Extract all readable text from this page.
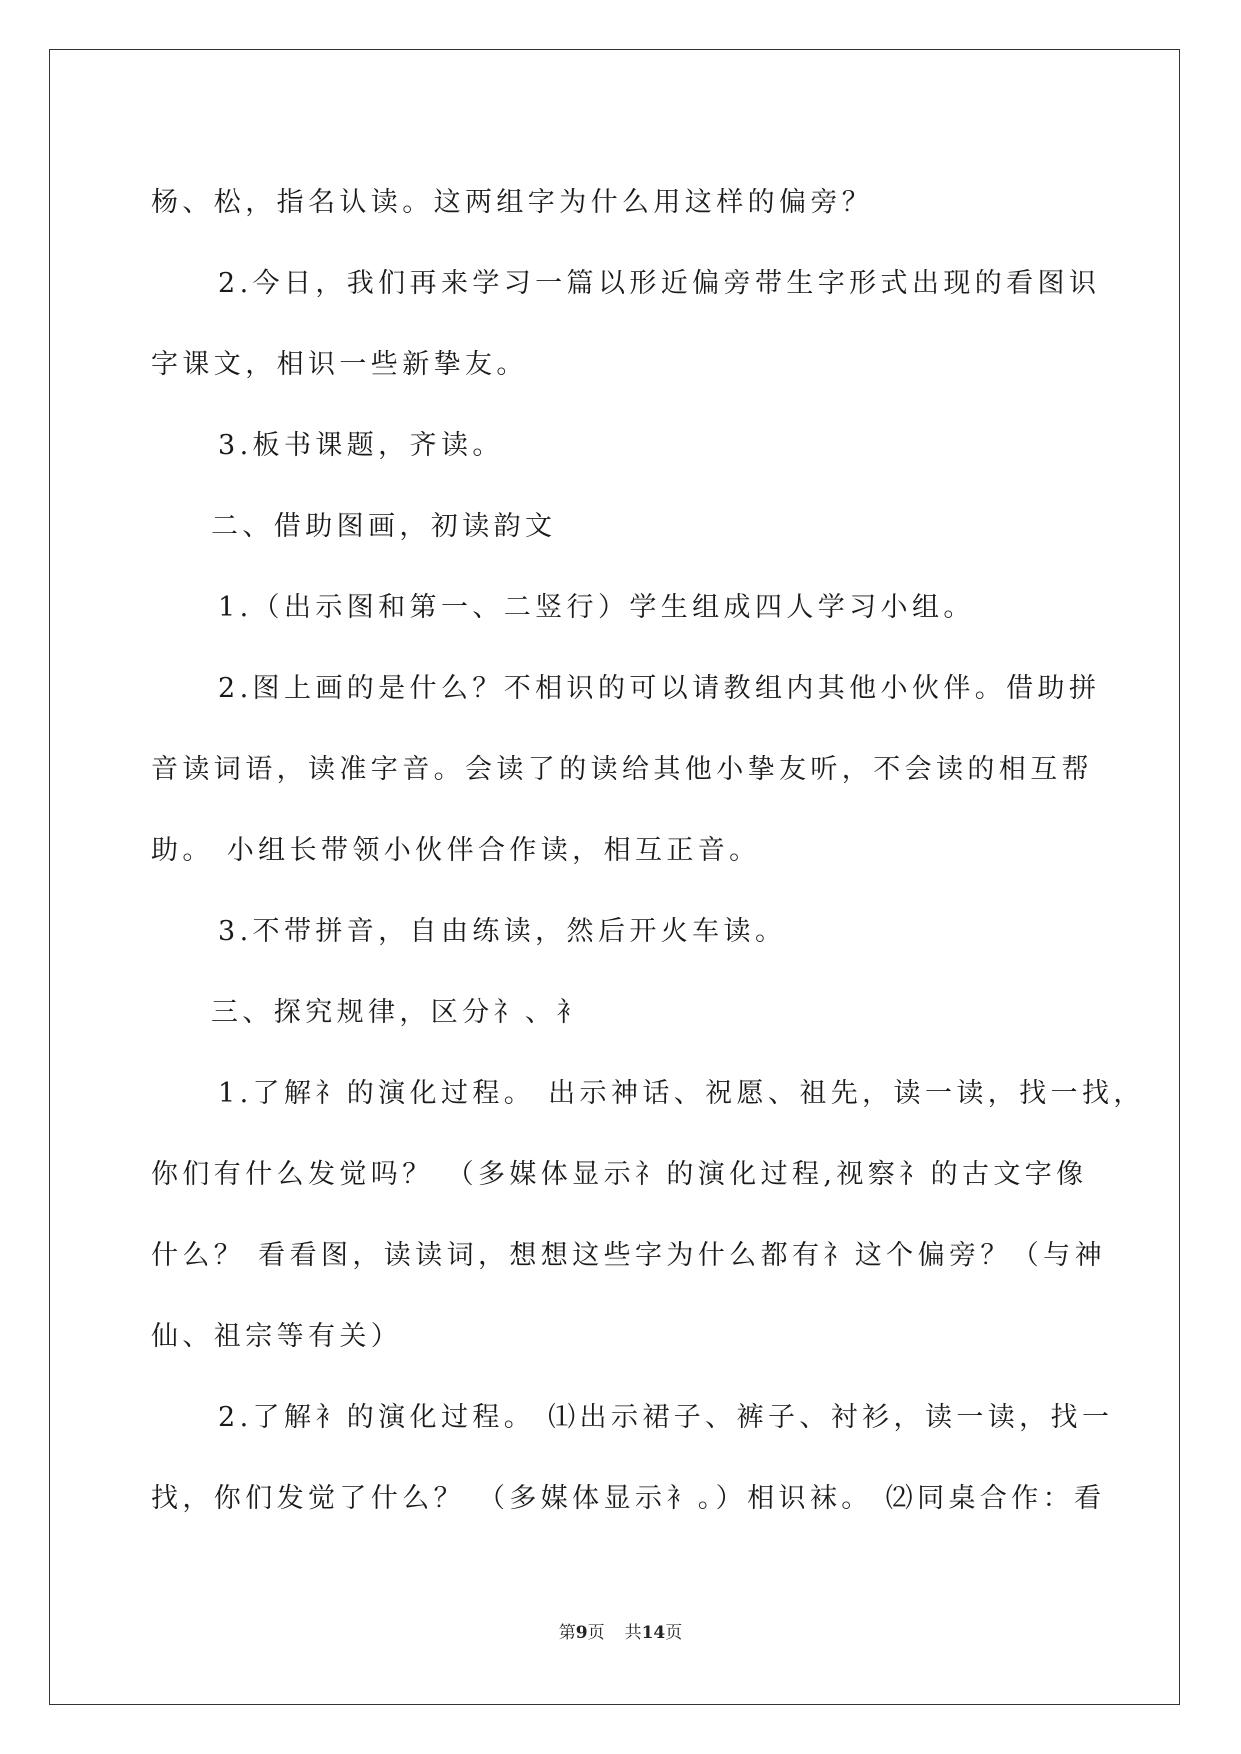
杨、松，指名认读。这两组字为什么用这样的偏旁？
2.今日，我们再来学习一篇以形近偏旁带生字形式出现的看图识
字课文，相识一些新挚友。
3.板书课题，齐读。
二、借助图画，初读韵文
1.（出示图和第一、二竖行）学生组成四人学习小组。
2.图上画的是什么？不相识的可以请教组内其他小伙伴。借助拼
音读词语，读准字音。会读了的读给其他小挚友听，不会读的相互帮
助。 小组长带领小伙伴合作读，相互正音。
3.不带拼音，自由练读，然后开火车读。
三、探究规律，区分礻、衤
1.了解礻的演化过程。 出示神话、祝愿、祖先，读一读，找一找，
你们有什么发觉吗？ （多媒体显示礻的演化过程,视察礻的古文字像
什么？ 看看图，读读词，想想这些字为什么都有礻这个偏旁？（与神
仙、祖宗等有关）
2.了解衤的演化过程。 ⑴出示裙子、裤子、衬衫，读一读，找一
找，你们发觉了什么？ （多媒体显示衤。）相识袜。 ⑵同桌合作：看
第9页 共14页
